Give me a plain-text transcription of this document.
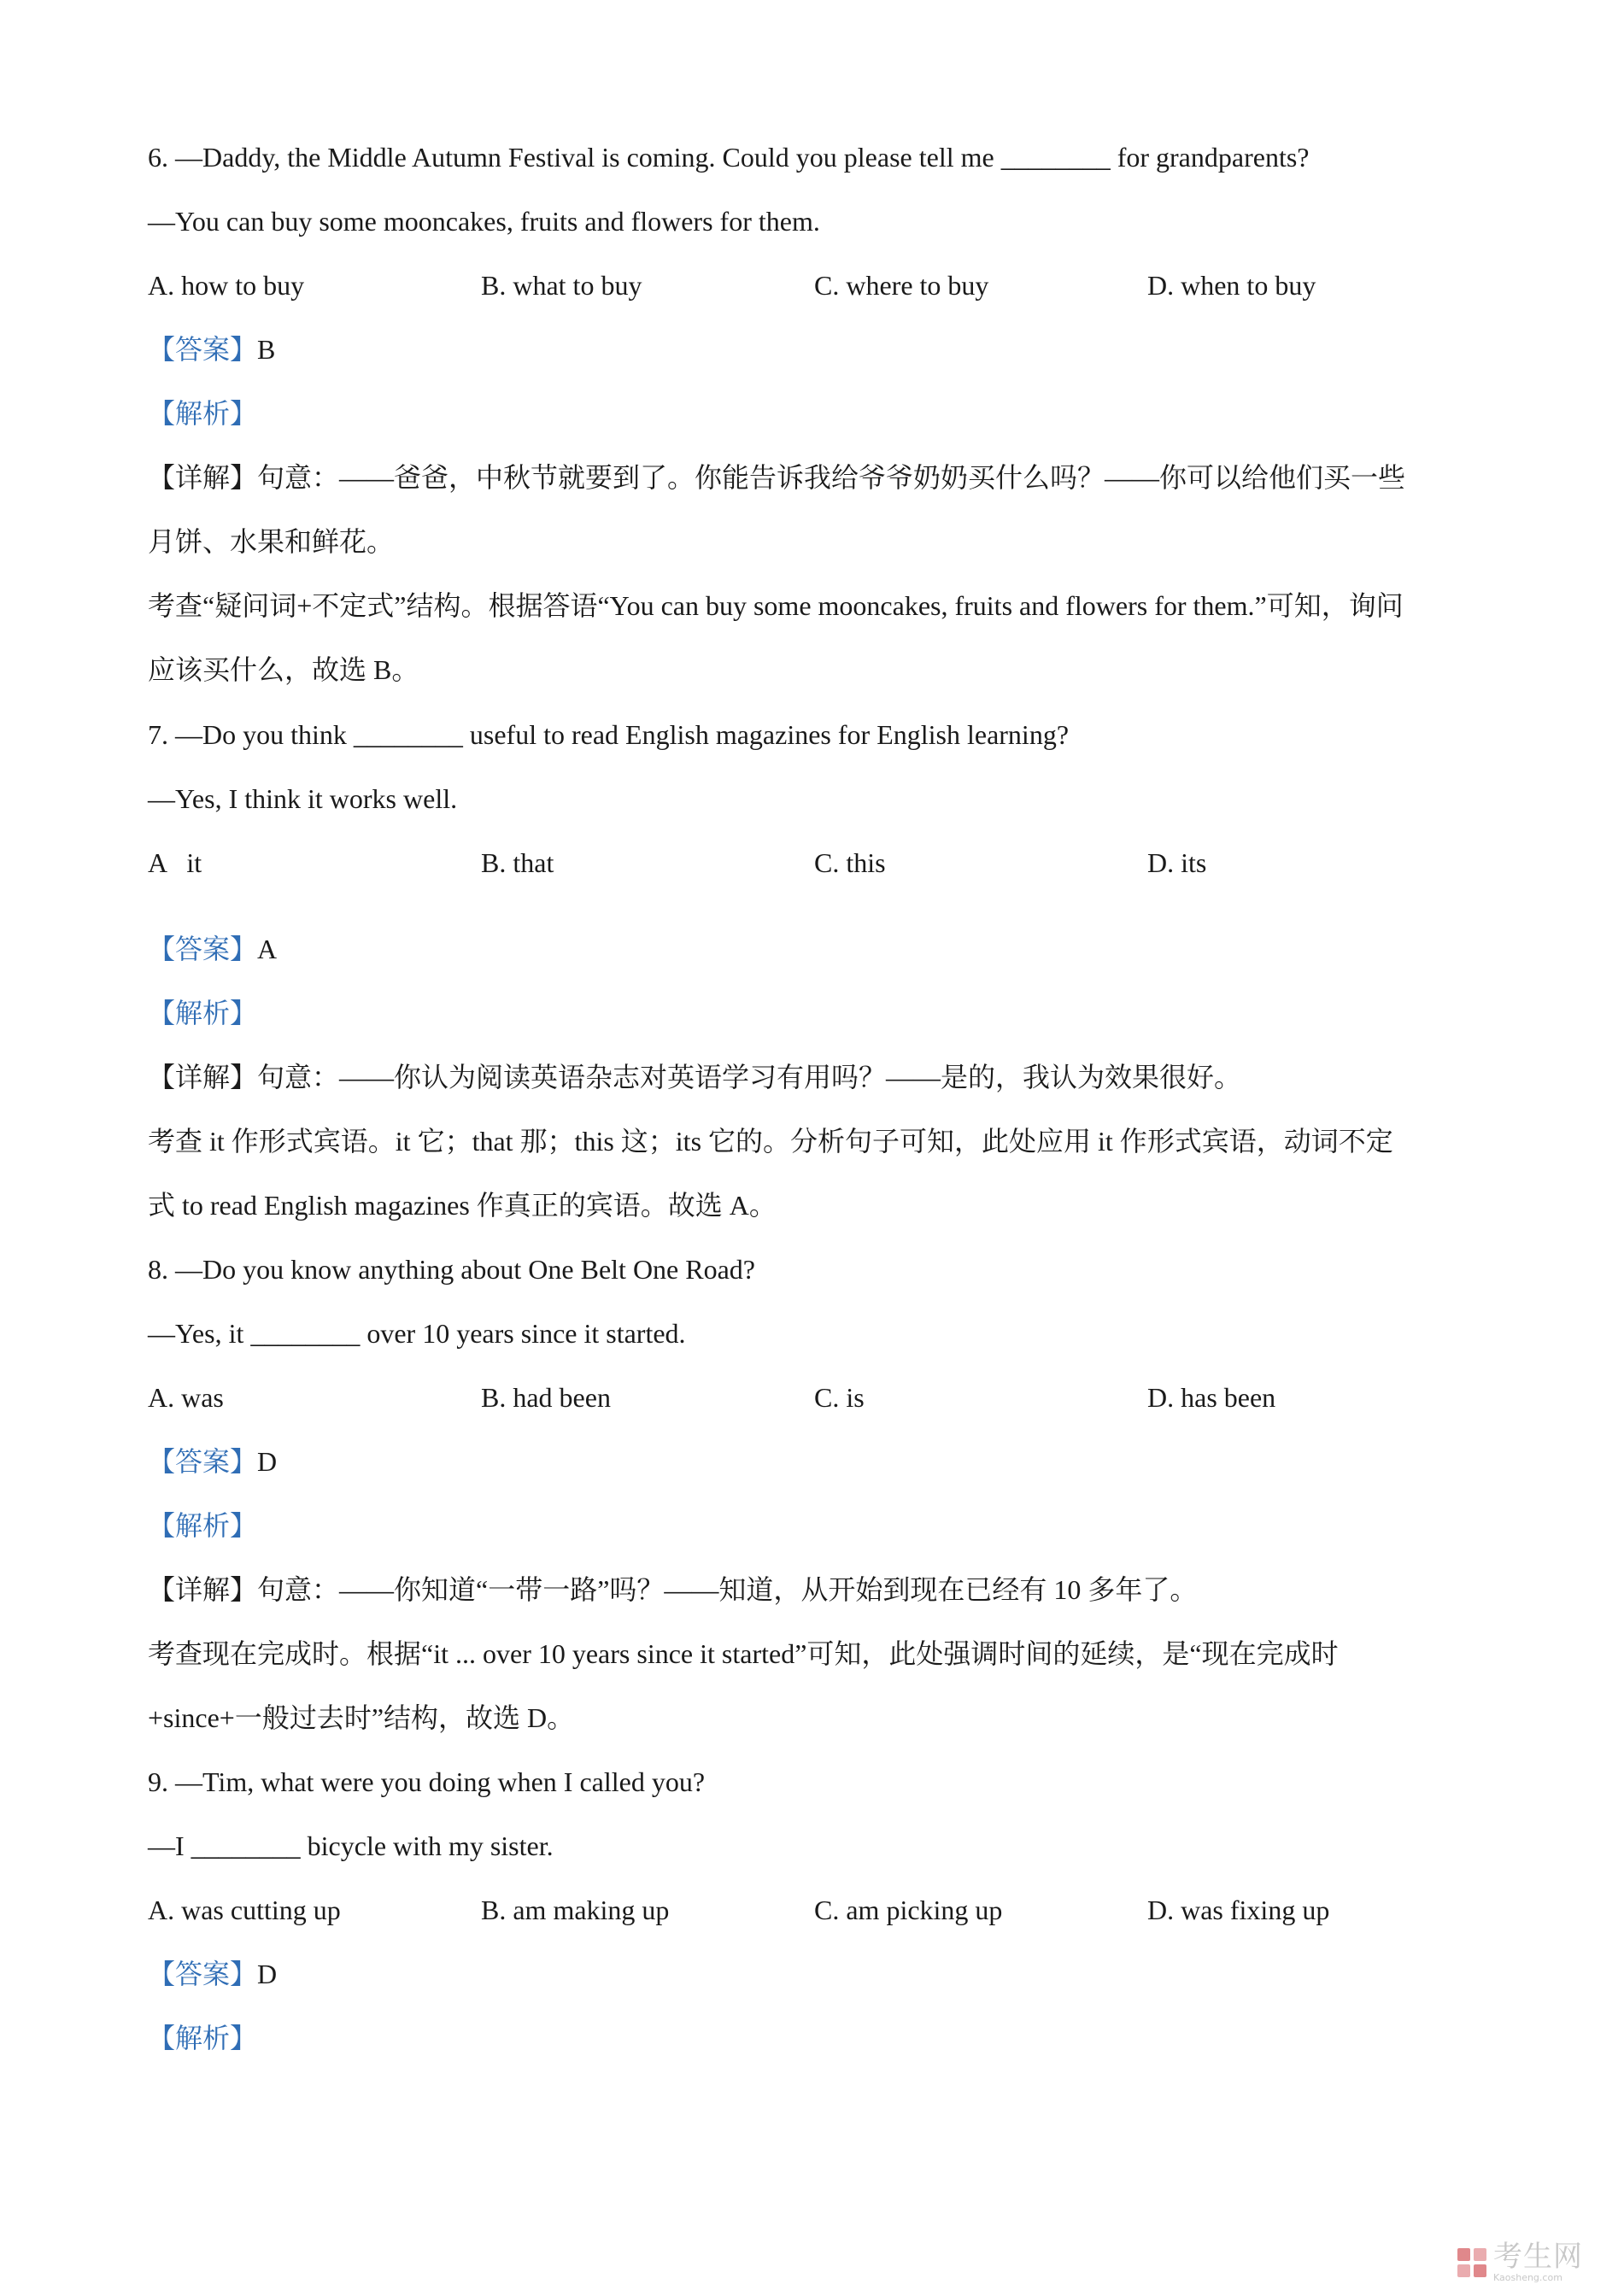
6. —Daddy, the Middle Autumn Festival is coming. Could you please tell me ________ for grandparents?
—You can buy some mooncakes, fruits and flowers for them.
A. how to buy	B. what to buy	C. where to buy	D. when to buy
【答案】B
【解析】
【详解】句意：——爸爸，中秋节就要到了。你能告诉我给爷爷奶奶买什么吗？——你可以给他们买一些
月饼、水果和鲜花。
考查“疑问词+不定式”结构。根据答语“You can buy some mooncakes, fruits and flowers for them.”可知，询问
应该买什么，故选 B。
7. —Do you think ________ useful to read English magazines for English learning?
—Yes, I think it works well.
A   it	B. that	C. this	D. its
【答案】A
【解析】
【详解】句意：——你认为阅读英语杂志对英语学习有用吗？——是的，我认为效果很好。
考查 it 作形式宾语。it 它；that 那；this 这；its 它的。分析句子可知，此处应用 it 作形式宾语，动词不定
式 to read English magazines 作真正的宾语。故选 A。
8. —Do you know anything about One Belt One Road?
—Yes, it ________ over 10 years since it started.
A. was	B. had been	C. is	D. has been
【答案】D
【解析】
【详解】句意：——你知道“一带一路”吗？——知道，从开始到现在已经有 10 多年了。
考查现在完成时。根据“it ... over 10 years since it started”可知，此处强调时间的延续，是“现在完成时
+since+一般过去时”结构，故选 D。
9. —Tim, what were you doing when I called you?
—I ________ bicycle with my sister.
A. was cutting up	B. am making up	C. am picking up	D. was fixing up
【答案】D
【解析】
考生网
Kaosheng.com
